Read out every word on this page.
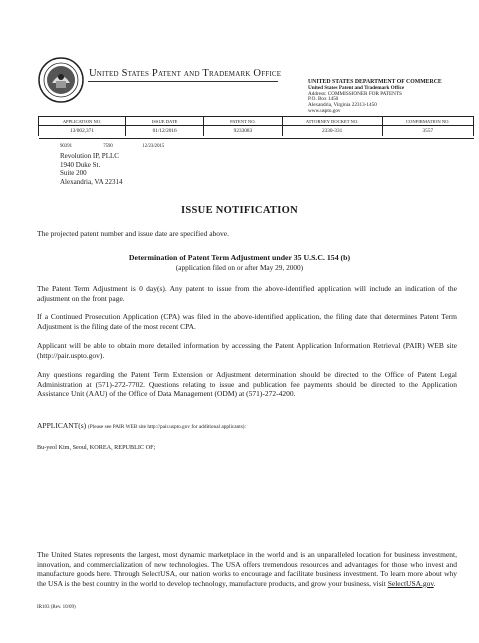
United States Patent and Trademark Office
UNITED STATES DEPARTMENT OF COMMERCE
United States Patent and Trademark Office
Address: COMMISSIONER FOR PATENTS
P.O. Box 1450
Alexandria, Virginia 22313-1450
www.uspto.gov
APPLICATION NO.	ISSUE DATE	PATENT NO.	ATTORNEY DOCKET NO.	CONFIRMATION NO.
13/002,371	01/12/2016	9233083	2330-331	3557

90391	7590	12/23/2015
Revolution IP, PLLC
1940 Duke St.
Suite 200
Alexandria, VA 22314
ISSUE NOTIFICATION
The projected patent number and issue date are specified above.
Determination of Patent Term Adjustment under 35 U.S.C. 154 (b)
(application filed on or after May 29, 2000)
The Patent Term Adjustment is 0 day(s). Any patent to issue from the above-identified application will include an indication of the adjustment on the front page.
If a Continued Prosecution Application (CPA) was filed in the above-identified application, the filing date that determines Patent Term Adjustment is the filing date of the most recent CPA.
Applicant will be able to obtain more detailed information by accessing the Patent Application Information Retrieval (PAIR) WEB site (http://pair.uspto.gov).
Any questions regarding the Patent Term Extension or Adjustment determination should be directed to the Office of Patent Legal Administration at (571)-272-7702. Questions relating to issue and publication fee payments should be directed to the Application Assistance Unit (AAU) of the Office of Data Management (ODM) at (571)-272-4200.
APPLICANT(s) (Please see PAIR WEB site http://pair.uspto.gov for additional applicants):
Bu-yeol Kim, Seoul, KOREA, REPUBLIC OF;
The United States represents the largest, most dynamic marketplace in the world and is an unparalleled location for business investment, innovation, and commercialization of new technologies. The USA offers tremendous resources and advantages for those who invest and manufacture goods here. Through SelectUSA, our nation works to encourage and facilitate business investment. To learn more about why the USA is the best country in the world to develop technology, manufacture products, and grow your business, visit SelectUSA.gov.
IR103 (Rev. 10/09)
